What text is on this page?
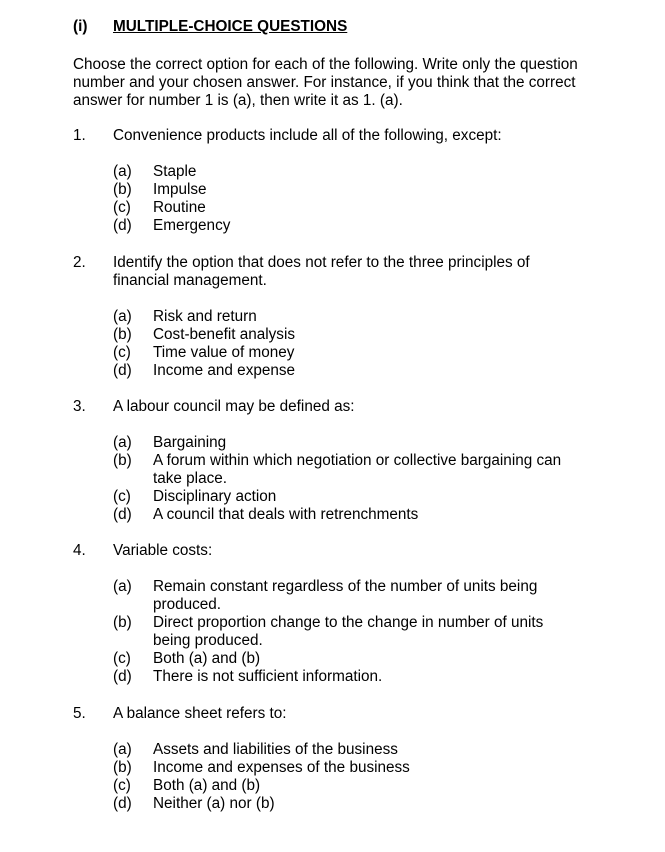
(i) MULTIPLE-CHOICE QUESTIONS
Choose the correct option for each of the following. Write only the question number and your chosen answer. For instance, if you think that the correct answer for number 1 is (a), then write it as 1. (a).
1. Convenience products include all of the following, except:
(a) Staple
(b) Impulse
(c) Routine
(d) Emergency
2. Identify the option that does not refer to the three principles of financial management.
(a) Risk and return
(b) Cost-benefit analysis
(c) Time value of money
(d) Income and expense
3. A labour council may be defined as:
(a) Bargaining
(b) A forum within which negotiation or collective bargaining can take place.
(c) Disciplinary action
(d) A council that deals with retrenchments
4. Variable costs:
(a) Remain constant regardless of the number of units being produced.
(b) Direct proportion change to the change in number of units being produced.
(c) Both (a) and (b)
(d) There is not sufficient information.
5. A balance sheet refers to:
(a) Assets and liabilities of the business
(b) Income and expenses of the business
(c) Both (a) and (b)
(d) Neither (a) nor (b)
